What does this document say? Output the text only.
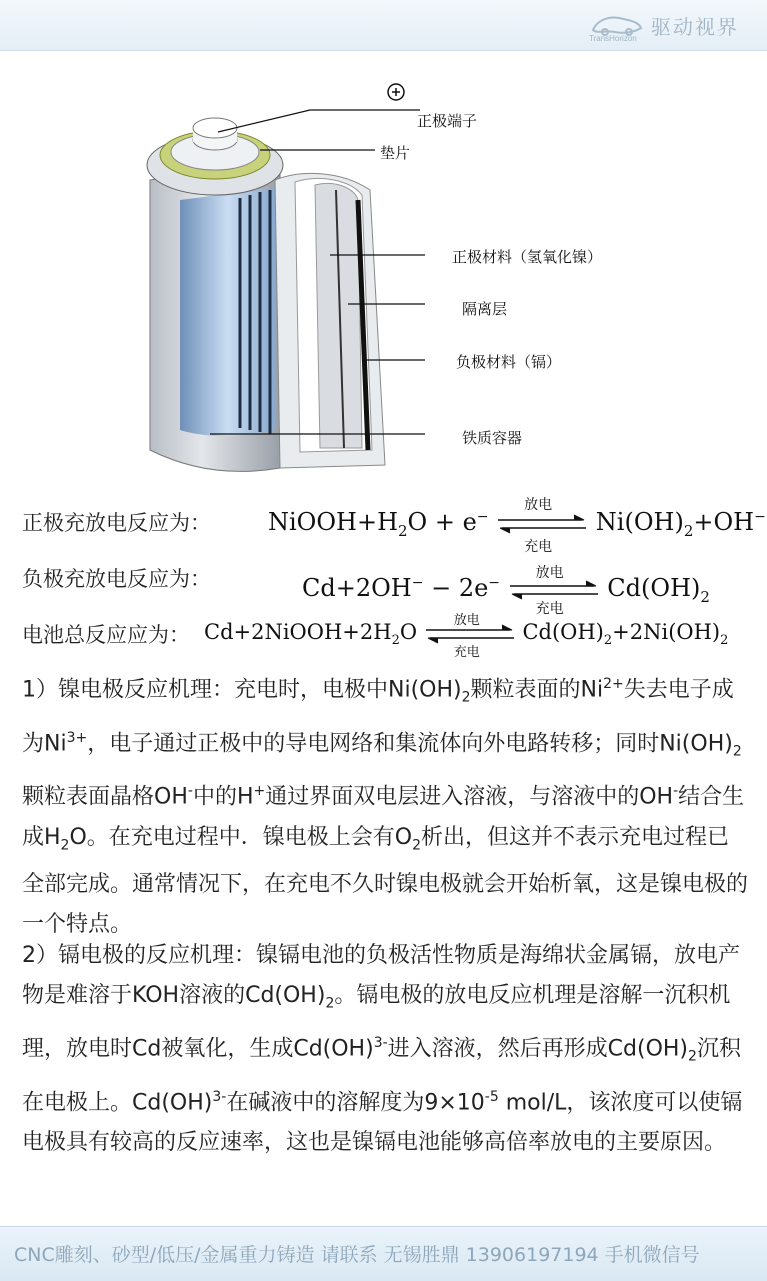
驱动视界
TransHorizon
正极端子
垫片
正极材料（氢氧化镍）
隔离层
负极材料（镉）
铁质容器
正极充放电反应为： $NiOOH+H_2O + e^-$
放电
充电
$Ni(OH)_2+OH^-$
负极充放电反应为：	Cd+2OH− − 2e−
放电
充电
$Cd(OH)_2$
电池总反应应为： $Cd+2NiOOH+2H_2O$ 放电
充电
$Cd(OH)_2+2Ni(OH)_2$
1）镍电极反应机理：充电时，电极中$Ni(OH)_2$颗粒表面的$Ni^{2+}$失去电子成为$Ni^{3+}$，电子通过正极中的导电网络和集流体向外电路转移；同时$Ni(OH)_2$颗粒表面晶格OH-中的H+通过界面双电层进入溶液，与溶液中的OH-结合生成$H_2O$。在充电过程中．镍电极上会有$O_2$析出，但这并不表示充电过程已全部完成。通常情况下，在充电不久时镍电极就会开始析氧，这是镍电极的一个特点。
2）镉电极的反应机理：镍镉电池的负极活性物质是海绵状金属镉，放电产物是难溶于KOH溶液的$Cd(OH)_2$。镉电极的放电反应机理是溶解一沉积机理，放电时Cd被氧化，生成Cd(OH)$^{3-}$进入溶液，然后再形成$Cd(OH)_2$沉积在电极上。Cd(OH)$^{3-}$在碱液中的溶解度为$9\times 10^{-5}$ mol/L，该浓度可以使镉电极具有较高的反应速率，这也是镍镉电池能够高倍率放电的主要原因。
CNC雕刻、砂型/低压/金属重力铸造 请联系 无锡胜鼎 13906197194 手机微信号
